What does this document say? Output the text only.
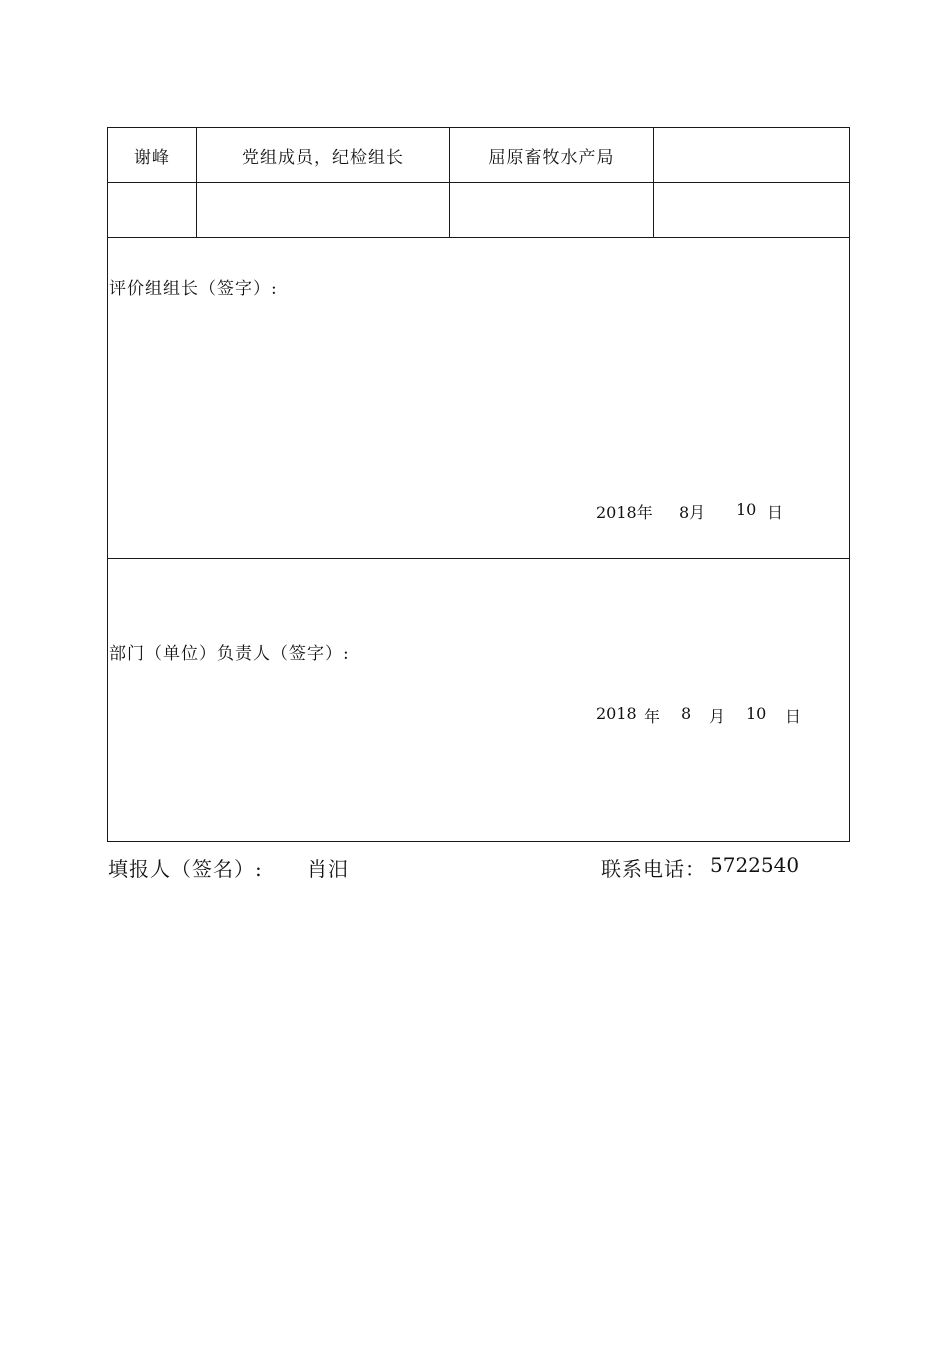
谢峰	党组成员，纪检组长	屈原畜牧水产局
评价组组长（签字）:
2018年 8月 10 日
部门（单位）负责人（签字）:
2018 年 8 月 10 日
填报人（签名）: 肖汨	联系电话： 5722540
